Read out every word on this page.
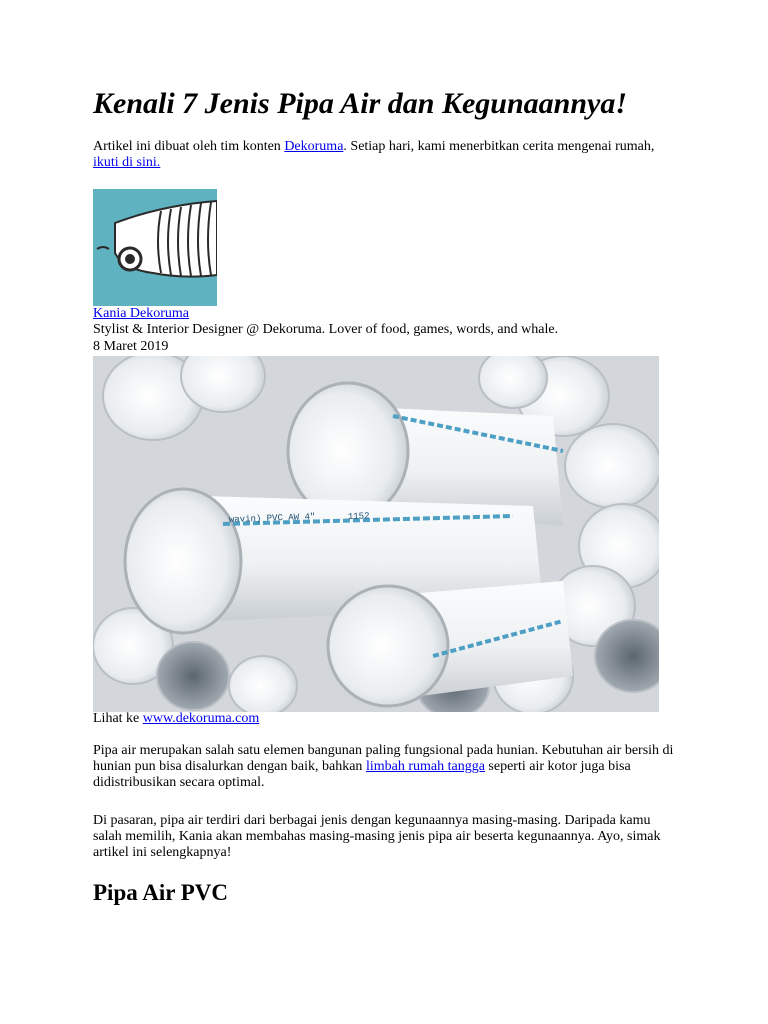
Kenali 7 Jenis Pipa Air dan Kegunaannya!

Artikel ini dibuat oleh tim konten Dekoruma. Setiap hari, kami menerbitkan cerita mengenai rumah, ikuti di sini.

Kania Dekoruma
Stylist & Interior Designer @ Dekoruma. Lover of food, games, words, and whale.
8 Maret 2019
wavin) PVC AW 4"	1152
Lihat ke www.dekoruma.com

Pipa air merupakan salah satu elemen bangunan paling fungsional pada hunian. Kebutuhan air bersih di hunian pun bisa disalurkan dengan baik, bahkan limbah rumah tangga seperti air kotor juga bisa didistribusikan secara optimal.

Di pasaran, pipa air terdiri dari berbagai jenis dengan kegunaannya masing-masing. Daripada kamu salah memilih, Kania akan membahas masing-masing jenis pipa air beserta kegunaannya. Ayo, simak artikel ini selengkapnya!

Pipa Air PVC
